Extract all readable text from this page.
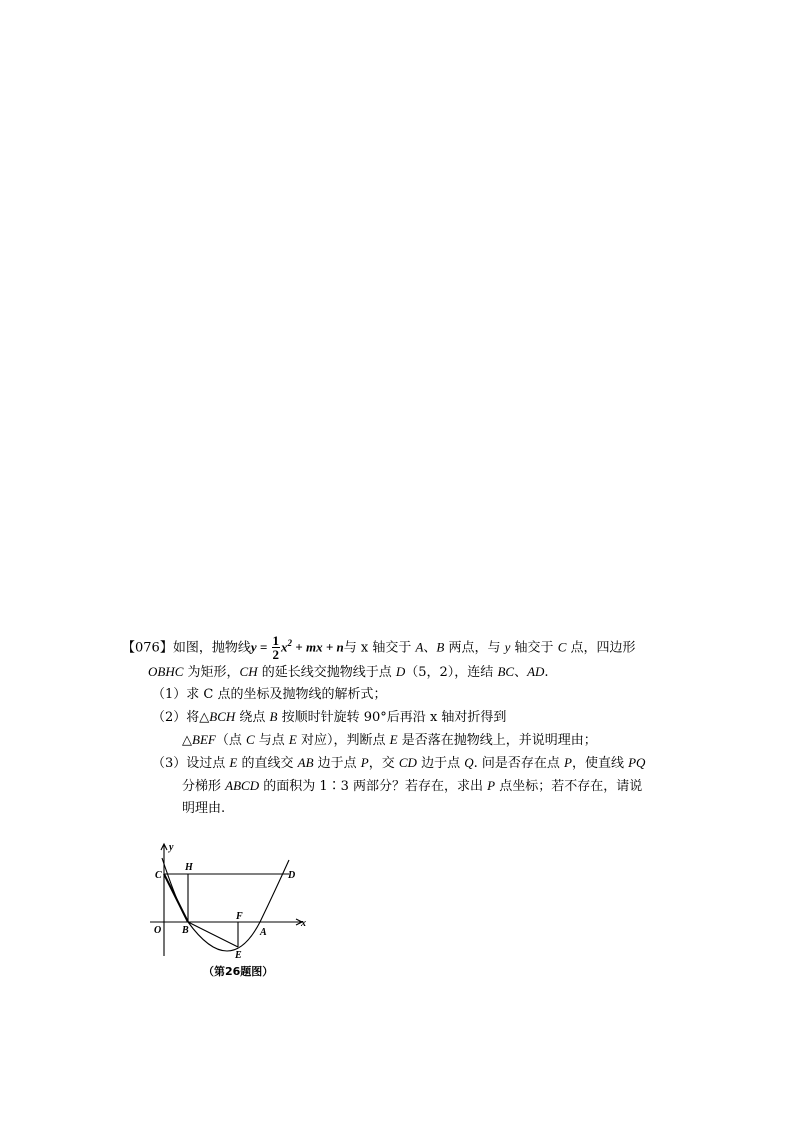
【076】如图，抛物线$y = \frac{1}{2} x^2$ + mx + n与 x 轴交于 A、B 两点，与 y 轴交于 C 点，四边形
OBHC 为矩形，CH 的延长线交抛物线于点 D（5，2），连结 BC、AD.
（1）求 C 点的坐标及抛物线的解析式；
（2）将△BCH 绕点 B 按顺时针旋转 90°后再沿 x 轴对折得到
△BEF（点 C 与点 E 对应），判断点 E 是否落在抛物线上，并说明理由；
（3）设过点 E 的直线交 AB 边于点 P，交 CD 边于点 Q. 问是否存在点 P，使直线 PQ
分梯形 ABCD 的面积为 1∶3 两部分？若存在，求出 P 点坐标；若不存在，请说
明理由.
y
x
O B
C
H
D
F
A
E
（第26题图）
